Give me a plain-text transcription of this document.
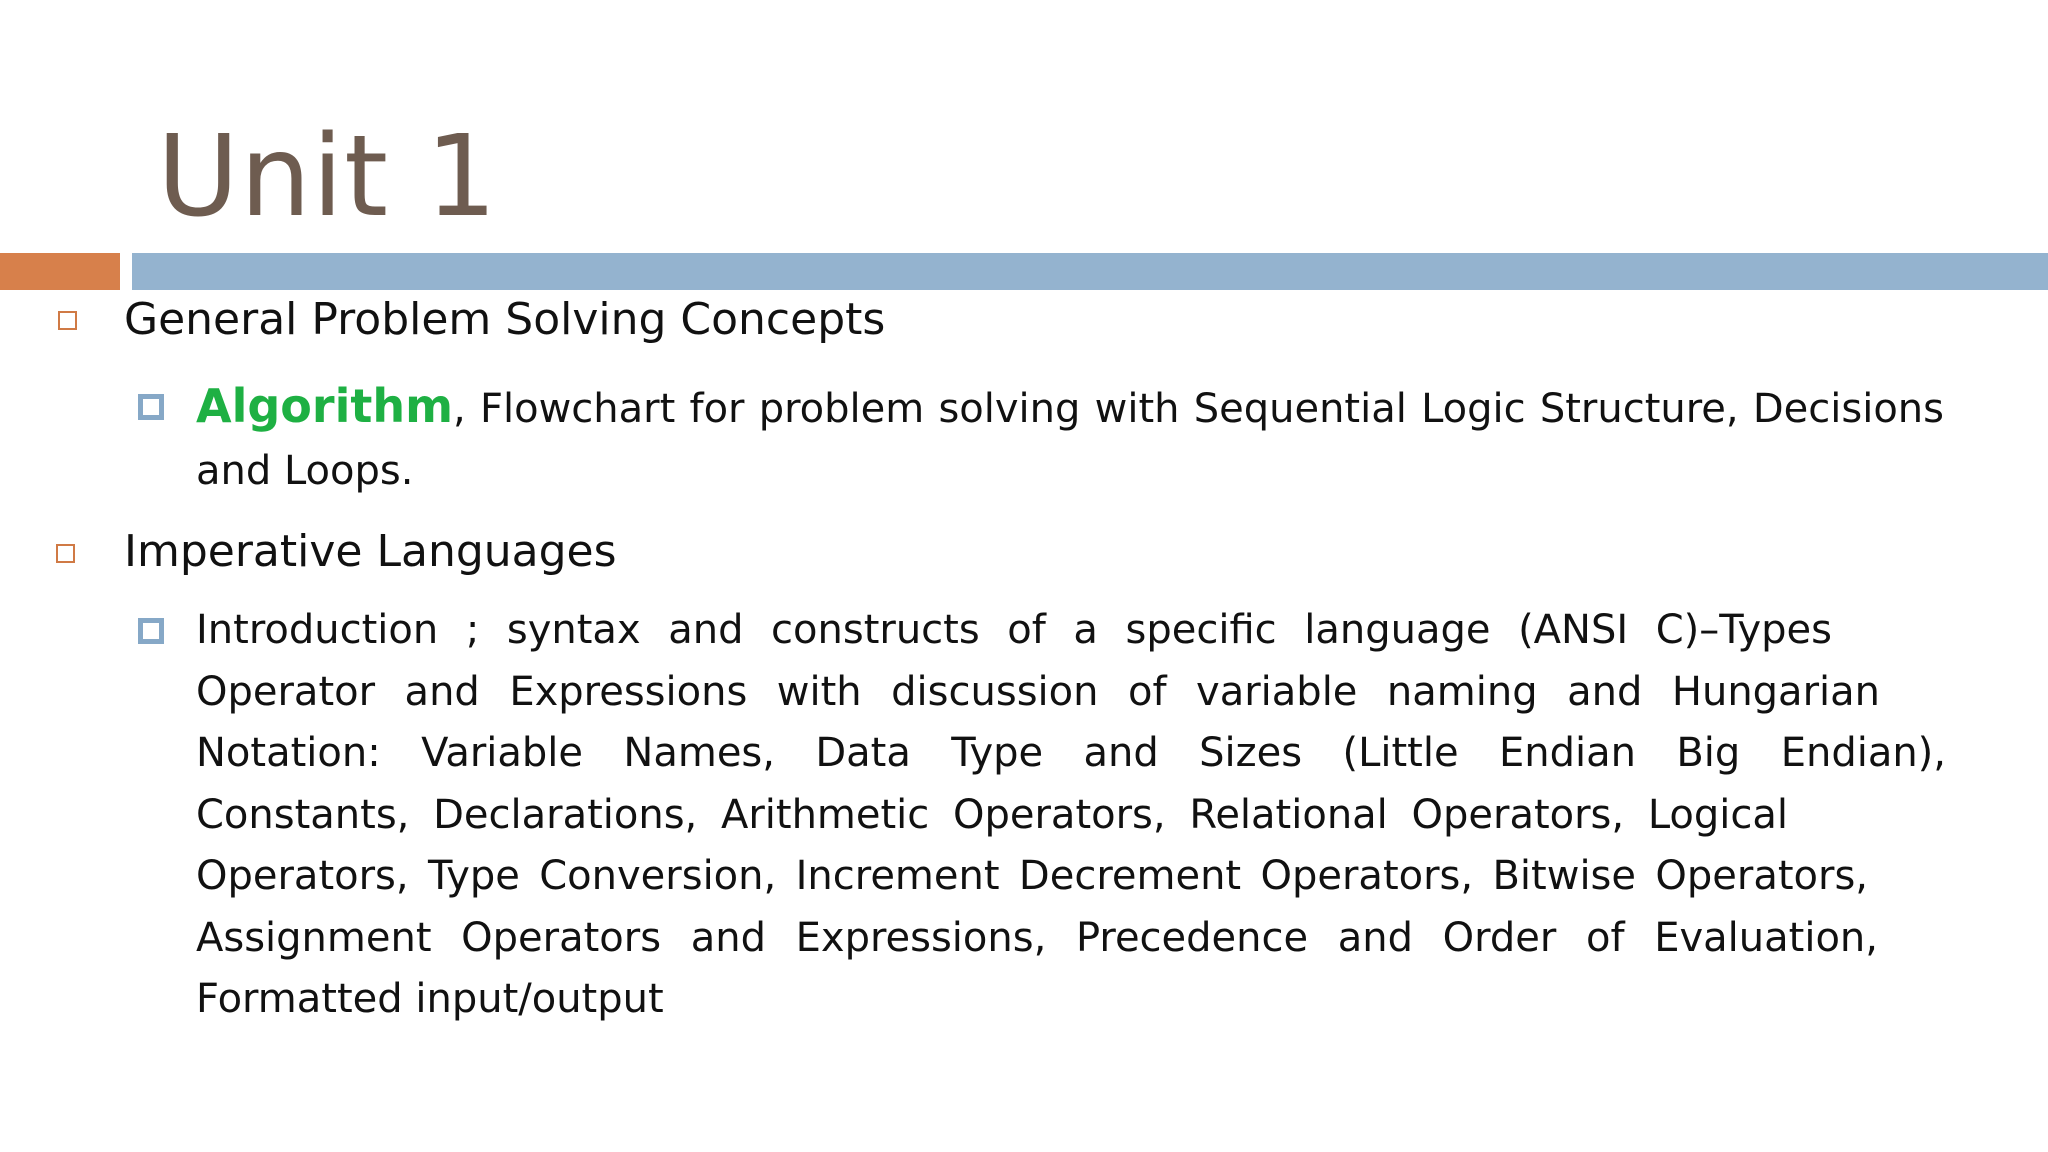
Unit 1
General Problem Solving Concepts
Algorithm, Flowchart for problem solving with Sequential Logic Structure, Decisions
and Loops.
Imperative Languages
Introduction ; syntax and constructs of a specific language (ANSI C)–Types
Operator and Expressions with discussion of variable naming and Hungarian
Notation: Variable Names, Data Type and Sizes (Little Endian Big Endian),
Constants, Declarations, Arithmetic Operators, Relational Operators, Logical
Operators, Type Conversion, Increment Decrement Operators, Bitwise Operators,
Assignment Operators and Expressions, Precedence and Order of Evaluation,
Formatted input/output
